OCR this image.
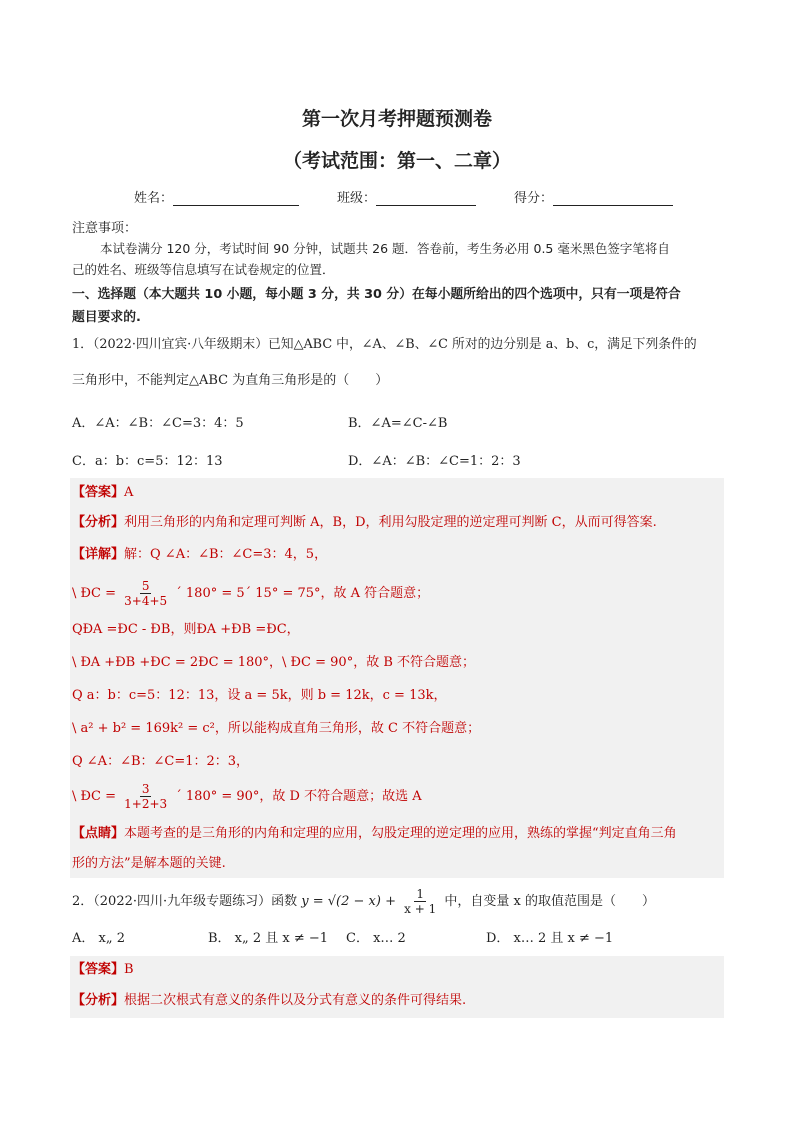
第一次月考押题预测卷
（考试范围：第一、二章）
姓名：	班级：	得分：
注意事项：
本试卷满分 120 分，考试时间 90 分钟，试题共 26 题．答卷前，考生务必用 0.5 毫米黑色签字笔将自
己的姓名、班级等信息填写在试卷规定的位置．
一、选择题（本大题共 10 小题，每小题 3 分，共 30 分）在每小题所给出的四个选项中，只有一项是符合
题目要求的.
1．（2022·四川宜宾·八年级期末）已知△ABC 中，∠A、∠B、∠C 所对的边分别是 a、b、c，满足下列条件的
三角形中，不能判定△ABC 为直角三角形是的（　　）
A．∠A：∠B：∠C=3：4：5	B．∠A=∠C-∠B
C．a：b：c=5：12：13	D．∠A：∠B：∠C=1：2：3
【答案】A
【分析】利用三角形的内角和定理可判断 A，B，D，利用勾股定理的逆定理可判断 C，从而可得答案.
【详解】解：Q ∠A：∠B：∠C=3：4，5，
\ ÐC = $\frac{5}{3+4+5}$ ´ 180° = 5´ 15° = 75°，故 A 符合题意；
QÐA =ÐC - ÐB，则ÐA +ÐB =ÐC，
\ ÐA +ÐB +ÐC = 2ÐC = 180°，\ ÐC = 90°，故 B 不符合题意；
Q a：b：c=5：12：13，设 a = 5k，则 b = 12k，c = 13k，
\ a² + b² = 169k² = c²，所以能构成直角三角形，故 C 不符合题意；
Q ∠A：∠B：∠C=1：2：3，
\ ÐC = $\frac{3}{1+2+3}$ ´ 180° = 90°，故 D 不符合题意；故选 A
【点睛】本题考查的是三角形的内角和定理的应用，勾股定理的逆定理的应用，熟练的掌握“判定直角三角
形的方法”是解本题的关键.
2．（2022·四川·九年级专题练习）函数 $y = √(2 - x) + \frac{1}{x + 1}$ 中，自变量 x 的取值范围是（　　）
A． x„ 2	B． x„ 2 且 x ≠ −1 C． x… 2	D． x… 2 且 x ≠ −1
【答案】B
【分析】根据二次根式有意义的条件以及分式有意义的条件可得结果.
